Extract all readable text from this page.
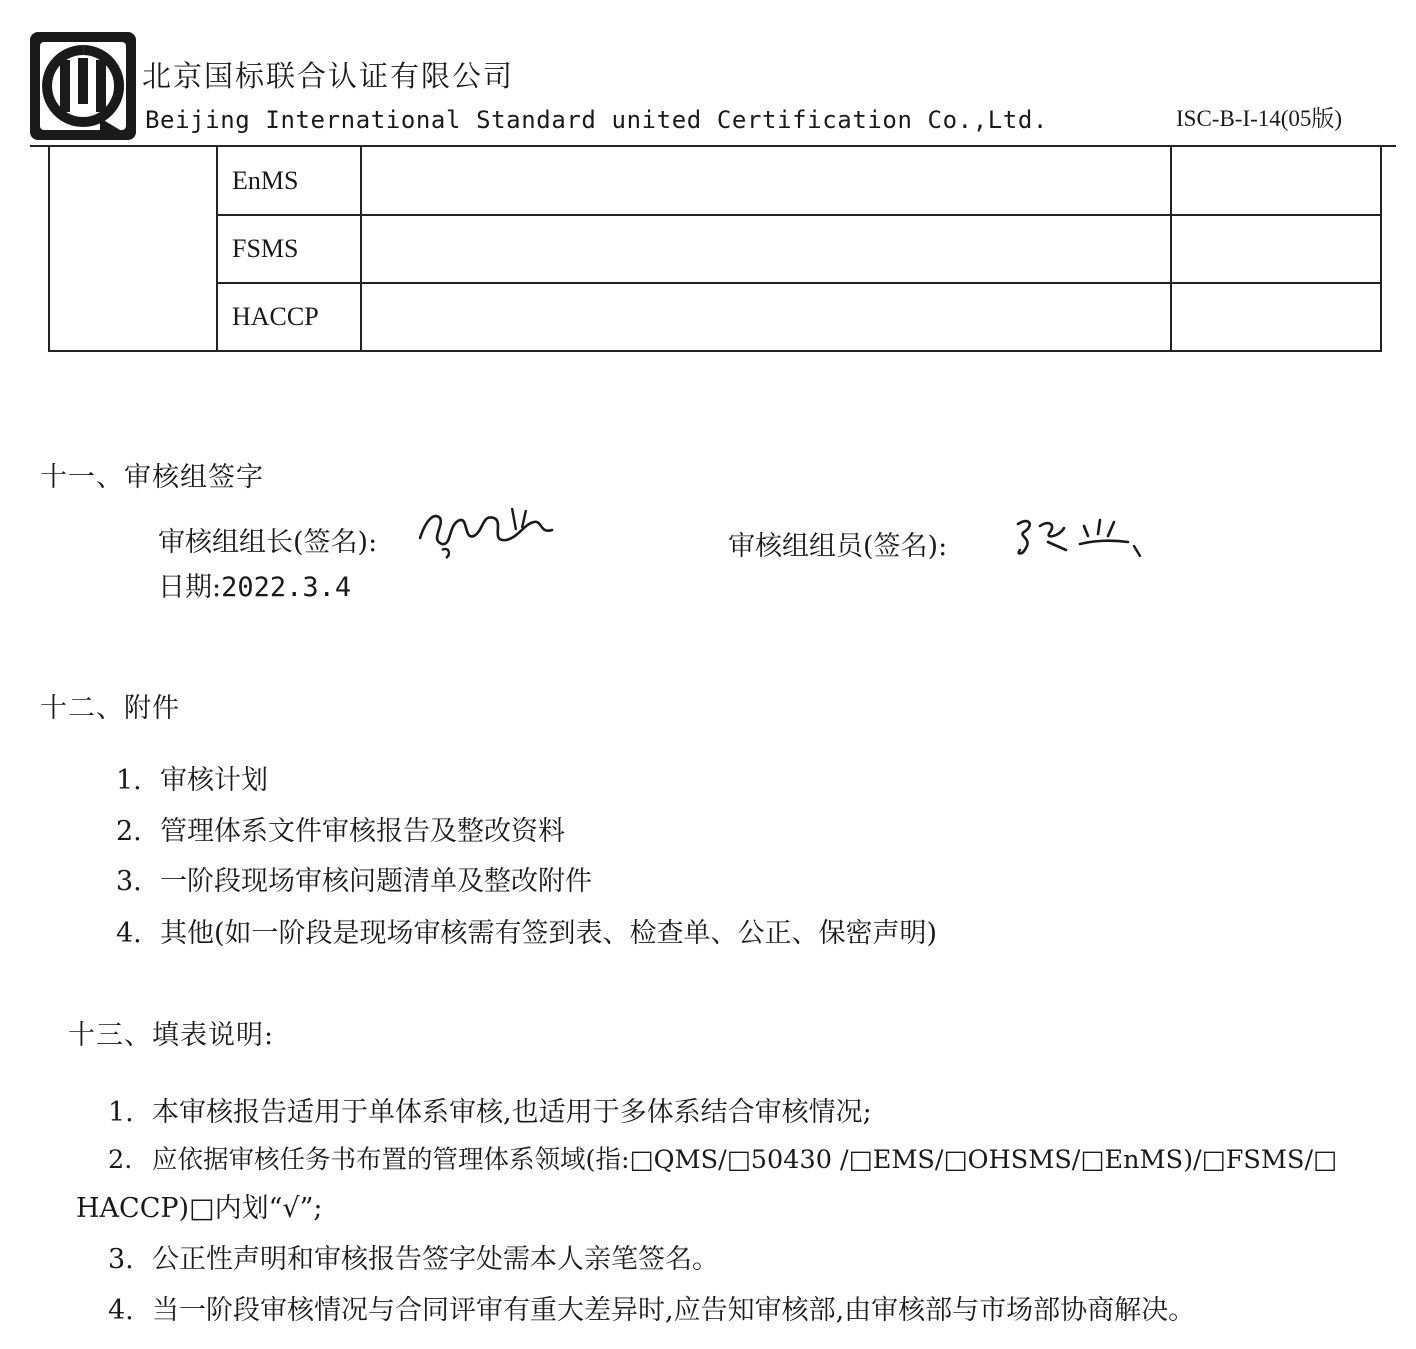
北京国标联合认证有限公司
Beijing International Standard united Certification Co.,Ltd.	ISC-B-I-14(05版)
	EnMS		
	FSMS		
	HACCP		
十一、审核组签字
审核组组长(签名):	审核组组员(签名):
日期:2022.3.4
十二、附件
1. 审核计划
2. 管理体系文件审核报告及整改资料
3. 一阶段现场审核问题清单及整改附件
4. 其他(如一阶段是现场审核需有签到表、检查单、公正、保密声明)
十三、填表说明:
1. 本审核报告适用于单体系审核,也适用于多体系结合审核情况;
2. 应依据审核任务书布置的管理体系领域(指:□QMS/□50430 /□EMS/□OHSMS/□EnMS)/□FSMS/□
HACCP)□内划“√”;
3. 公正性声明和审核报告签字处需本人亲笔签名。
4. 当一阶段审核情况与合同评审有重大差异时,应告知审核部,由审核部与市场部协商解决。
